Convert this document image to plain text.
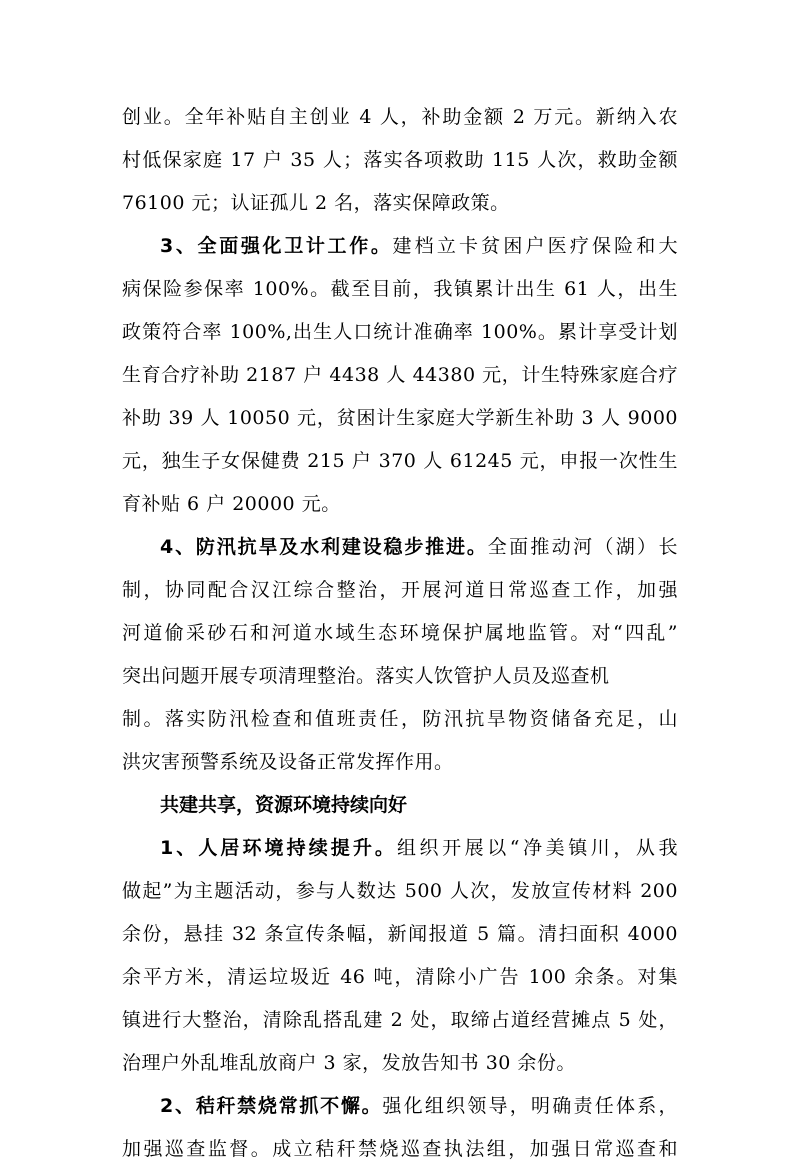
创业。全年补贴自主创业 4 人，补助金额 2 万元。新纳入农
村低保家庭 17 户 35 人；落实各项救助 115 人次，救助金额
76100 元；认证孤儿 2 名，落实保障政策。
3、全面强化卫计工作。建档立卡贫困户医疗保险和大
病保险参保率 100%。截至目前，我镇累计出生 61 人，出生
政策符合率 100%,出生人口统计准确率 100%。累计享受计划
生育合疗补助 2187 户 4438 人 44380 元，计生特殊家庭合疗
补助 39 人 10050 元，贫困计生家庭大学新生补助 3 人 9000
元，独生子女保健费 215 户 370 人 61245 元，申报一次性生
育补贴 6 户 20000 元。
4、防汛抗旱及水利建设稳步推进。全面推动河（湖）长
制，协同配合汉江综合整治，开展河道日常巡查工作，加强
河道偷采砂石和河道水域生态环境保护属地监管。对“四乱”
突出问题开展专项清理整治。落实人饮管护人员及巡查机
制。落实防汛检查和值班责任，防汛抗旱物资储备充足，山
洪灾害预警系统及设备正常发挥作用。
共建共享，资源环境持续向好
1、人居环境持续提升。组织开展以“净美镇川，从我
做起”为主题活动，参与人数达 500 人次，发放宣传材料 200
余份，悬挂 32 条宣传条幅，新闻报道 5 篇。清扫面积 4000
余平方米，清运垃圾近 46 吨，清除小广告 100 余条。对集
镇进行大整治，清除乱搭乱建 2 处，取缔占道经营摊点 5 处，
治理户外乱堆乱放商户 3 家，发放告知书 30 余份。
2、秸秆禁烧常抓不懈。强化组织领导，明确责任体系，
加强巡查监督。成立秸秆禁烧巡查执法组，加强日常巡查和
